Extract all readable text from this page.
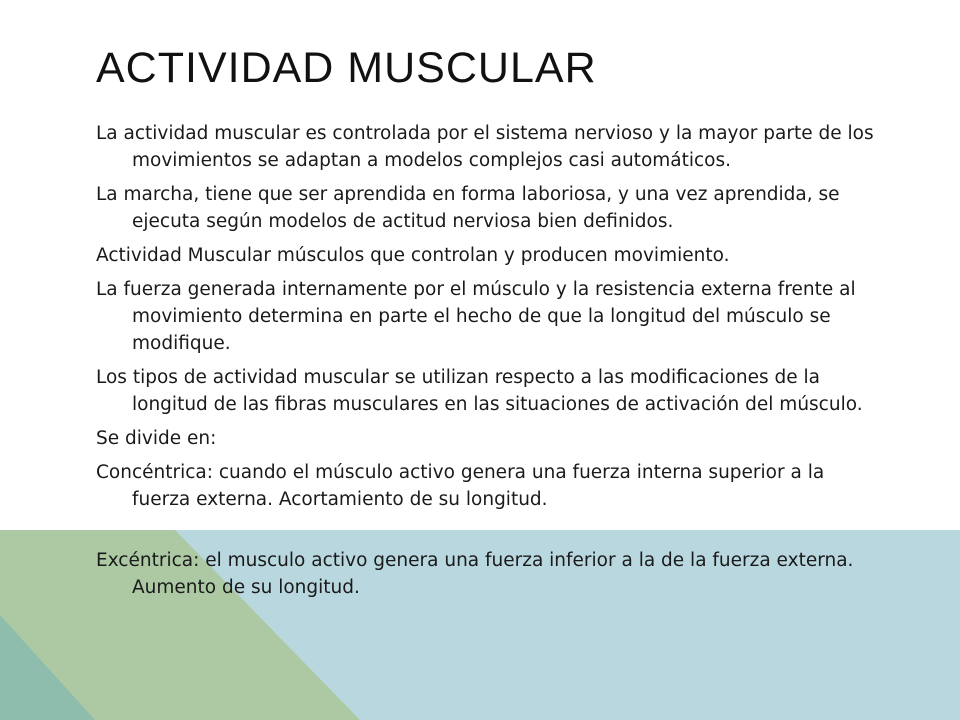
ACTIVIDAD MUSCULAR

La actividad muscular es controlada por el sistema nervioso y la mayor parte de los movimientos se adaptan a modelos complejos casi automáticos.

La marcha, tiene que ser aprendida en forma laboriosa, y una vez aprendida, se ejecuta según modelos de actitud nerviosa bien definidos.

Actividad Muscular músculos que controlan y producen movimiento.

La fuerza generada internamente por el músculo y la resistencia externa frente al movimiento determina en parte el hecho de que la longitud del músculo se modifique.

Los tipos de actividad muscular se utilizan respecto a las modificaciones de la longitud de las fibras musculares en las situaciones de activación del músculo.

Se divide en:

Concéntrica: cuando el músculo activo genera una fuerza interna superior a la fuerza externa. Acortamiento de su longitud.

Excéntrica: el musculo activo genera una fuerza inferior a la de la fuerza externa. Aumento de su longitud.
